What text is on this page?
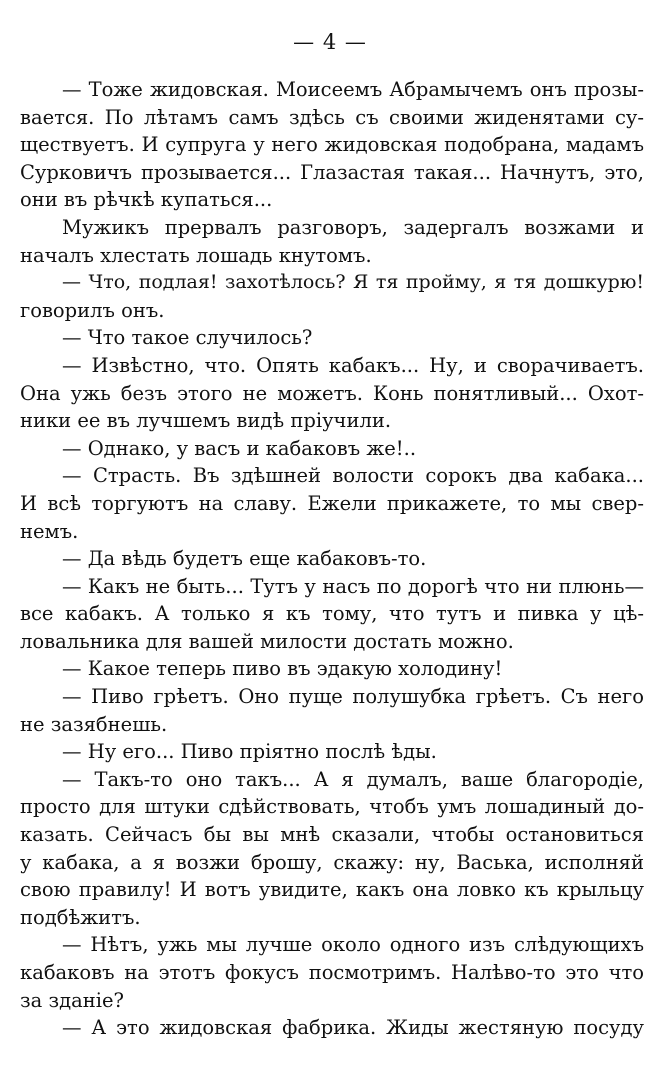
— 4 —
— Тоже жидовская. Моисеемъ Абрамычемъ онъ прозы-
вается. По лѣтамъ самъ здѣсь съ своими жиденятами су-
ществуетъ. И супруга у него жидовская подобрана, мадамъ
Сурковичъ прозывается... Глазастая такая... Начнутъ, это,
они въ рѣчкѣ купаться...
Мужикъ прервалъ разговоръ, задергалъ возжами и
началъ хлестать лошадь кнутомъ.
— Что, подлая! захотѣлось? Я тя пройму, я тя дошкурю!
говорилъ онъ.
— Что такое случилось?
— Извѣстно, что. Опять кабакъ... Ну, и сворачиваетъ.
Она ужь безъ этого не можетъ. Конь понятливый... Охот-
ники ее въ лучшемъ видѣ пріучили.
— Однако, у васъ и кабаковъ же!..
— Страсть. Въ здѣшней волости сорокъ два кабака...
И всѣ торгуютъ на славу. Ежели прикажете, то мы свер-
немъ.
— Да вѣдь будетъ еще кабаковъ-то.
— Какъ не быть... Тутъ у насъ по дорогѣ что ни плюнь—
все кабакъ. А только я къ тому, что тутъ и пивка у цѣ-
ловальника для вашей милости достать можно.
— Какое теперь пиво въ эдакую холодину!
— Пиво грѣетъ. Оно пуще полушубка грѣетъ. Съ него
не зазябнешь.
— Ну его... Пиво пріятно послѣ ѣды.
— Такъ-то оно такъ... А я думалъ, ваше благородіе,
просто для штуки сдѣйствовать, чтобъ умъ лошадиный до-
казать. Сейчасъ бы вы мнѣ сказали, чтобы остановиться
у кабака, а я возжи брошу, скажу: ну, Васька, исполняй
свою правилу! И вотъ увидите, какъ она ловко къ крыльцу
подбѣжитъ.
— Нѣтъ, ужь мы лучше около одного изъ слѣдующихъ
кабаковъ на этотъ фокусъ посмотримъ. Налѣво-то это что
за зданіе?
— А это жидовская фабрика. Жиды жестяную посуду
